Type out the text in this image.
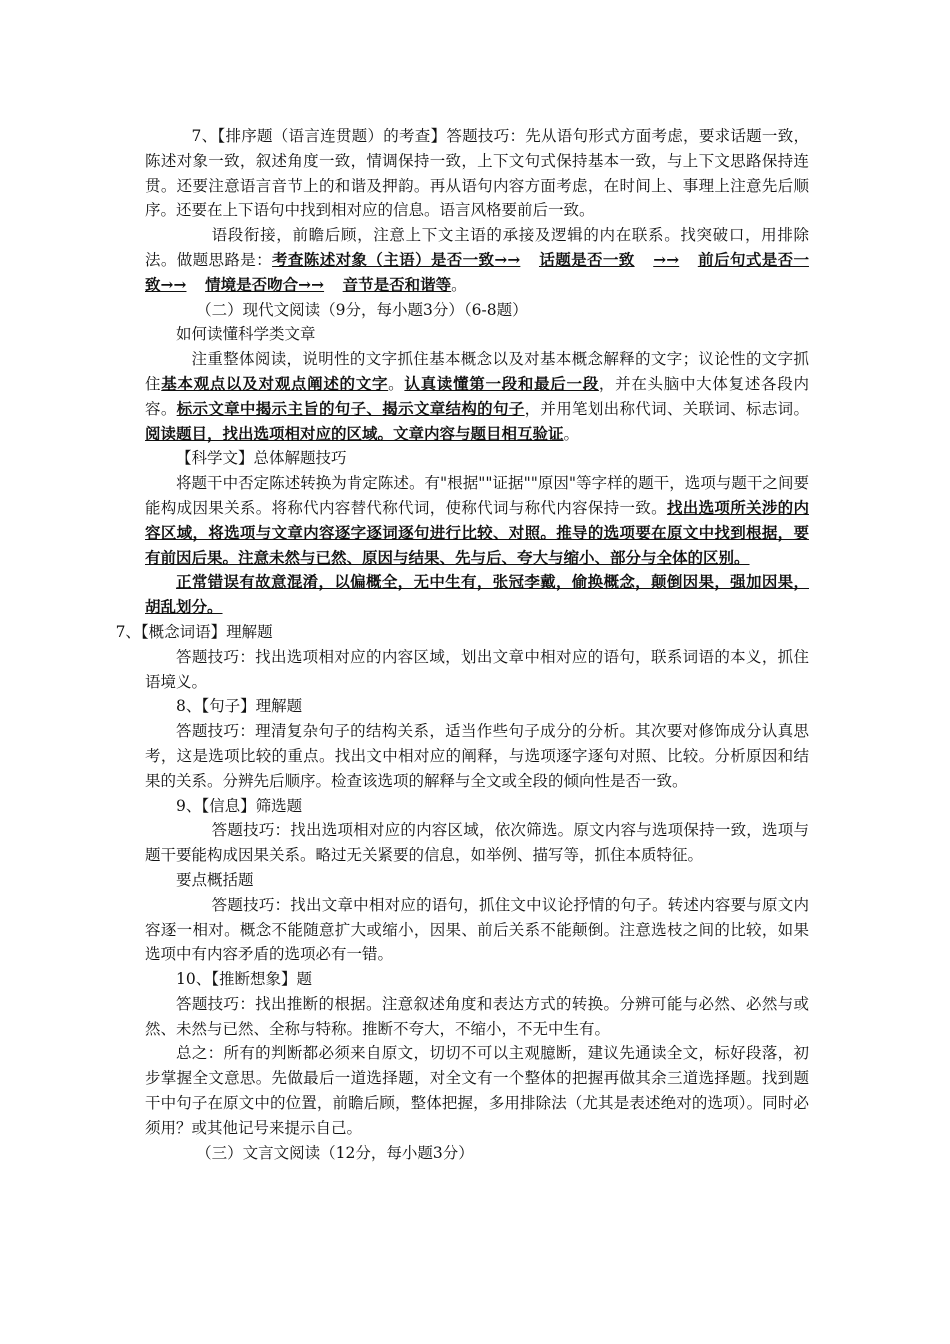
7、【排序题（语言连贯题）的考查】答题技巧：先从语句形式方面考虑，要求话题一致，陈述对象一致，叙述角度一致，情调保持一致，上下文句式保持基本一致，与上下文思路保持连贯。还要注意语言音节上的和谐及押韵。再从语句内容方面考虑，在时间上、事理上注意先后顺序。还要在上下语句中找到相对应的信息。语言风格要前后一致。

语段衔接，前瞻后顾，注意上下文主语的承接及逻辑的内在联系。找突破口，用排除法。做题思路是：考查陈述对象（主语）是否一致→→ 话题是否一致 →→ 前后句式是否一致→→ 情境是否吻合→→ 音节是否和谐等。

（二）现代文阅读（9分，每小题3分）（6-8题）

如何读懂科学类文章

注重整体阅读，说明性的文字抓住基本概念以及对基本概念解释的文字；议论性的文字抓住基本观点以及对观点阐述的文字。认真读懂第一段和最后一段，并在头脑中大体复述各段内容。标示文章中揭示主旨的句子、揭示文章结构的句子，并用笔划出称代词、关联词、标志词。阅读题目，找出选项相对应的区域。文章内容与题目相互验证。

【科学文】总体解题技巧

将题干中否定陈述转换为肯定陈述。有"根据""证据""原因"等字样的题干，选项与题干之间要能构成因果关系。将称代内容替代称代词，使称代词与称代内容保持一致。找出选项所关涉的内容区域，将选项与文章内容逐字逐词逐句进行比较、对照。推导的选项要在原文中找到根据，要有前因后果。注意未然与已然、原因与结果、先与后、夸大与缩小、部分与全体的区别。

正常错误有故意混淆，以偏概全，无中生有，张冠李戴，偷换概念，颠倒因果，强加因果，胡乱划分。

7、【概念词语】理解题

答题技巧：找出选项相对应的内容区域，划出文章中相对应的语句，联系词语的本义，抓住语境义。

8、【句子】理解题

答题技巧：理清复杂句子的结构关系，适当作些句子成分的分析。其次要对修饰成分认真思考，这是选项比较的重点。找出文中相对应的阐释，与选项逐字逐句对照、比较。分析原因和结果的关系。分辨先后顺序。检查该选项的解释与全文或全段的倾向性是否一致。

9、【信息】筛选题

答题技巧：找出选项相对应的内容区域，依次筛选。原文内容与选项保持一致，选项与题干要能构成因果关系。略过无关紧要的信息，如举例、描写等，抓住本质特征。

要点概括题

答题技巧：找出文章中相对应的语句，抓住文中议论抒情的句子。转述内容要与原文内容逐一相对。概念不能随意扩大或缩小，因果、前后关系不能颠倒。注意选枝之间的比较，如果选项中有内容矛盾的选项必有一错。

10、【推断想象】题

答题技巧：找出推断的根据。注意叙述角度和表达方式的转换。分辨可能与必然、必然与或然、未然与已然、全称与特称。推断不夸大，不缩小，不无中生有。

总之：所有的判断都必须来自原文，切切不可以主观臆断，建议先通读全文，标好段落，初步掌握全文意思。先做最后一道选择题，对全文有一个整体的把握再做其余三道选择题。找到题干中句子在原文中的位置，前瞻后顾，整体把握，多用排除法（尤其是表述绝对的选项）。同时必须用？或其他记号来提示自己。

（三）文言文阅读（12分，每小题3分）
